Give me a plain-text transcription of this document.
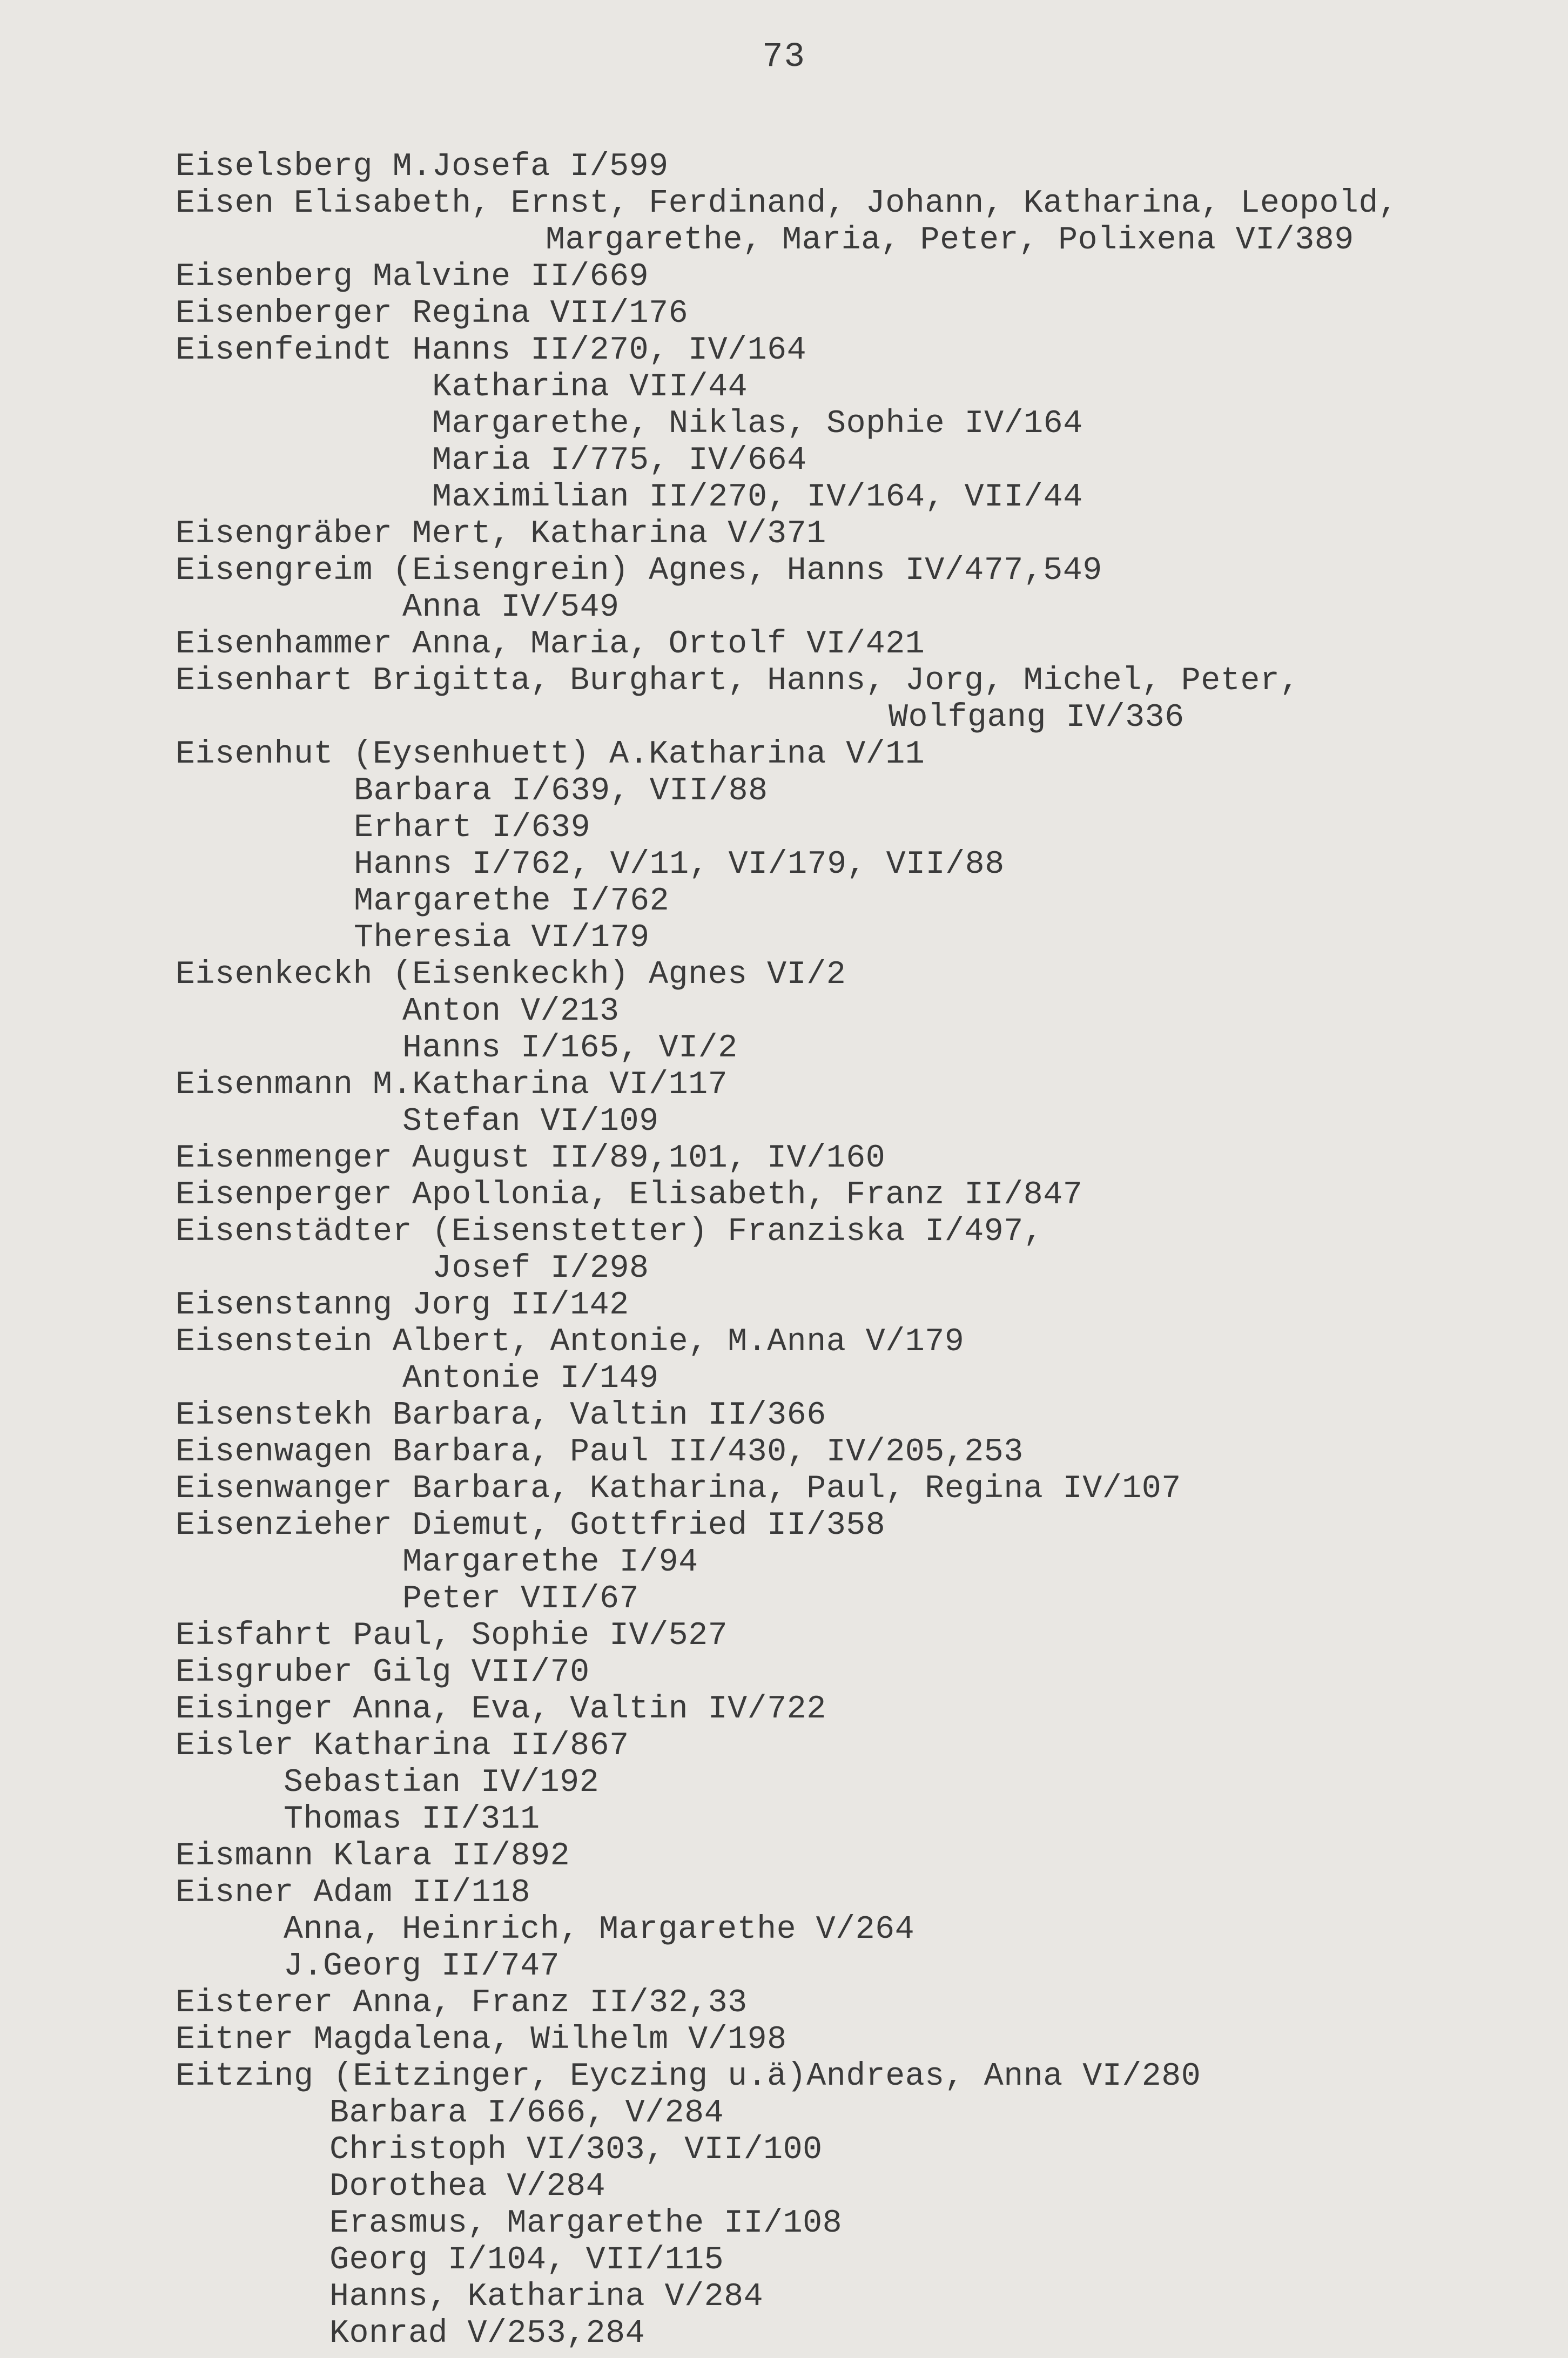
73
Eiselsberg M.Josefa I/599
Eisen Elisabeth, Ernst, Ferdinand, Johann, Katharina, Leopold,
Margarethe, Maria, Peter, Polixena VI/389
Eisenberg Malvine II/669
Eisenberger Regina VII/176
Eisenfeindt Hanns II/270, IV/164
Katharina VII/44
Margarethe, Niklas, Sophie IV/164
Maria I/775, IV/664
Maximilian II/270, IV/164, VII/44
Eisengräber Mert, Katharina V/371
Eisengreim (Eisengrein) Agnes, Hanns IV/477,549
Anna IV/549
Eisenhammer Anna, Maria, Ortolf VI/421
Eisenhart Brigitta, Burghart, Hanns, Jorg, Michel, Peter,
Wolfgang IV/336
Eisenhut (Eysenhuett) A.Katharina V/11
Barbara I/639, VII/88
Erhart I/639
Hanns I/762, V/11, VI/179, VII/88
Margarethe I/762
Theresia VI/179
Eisenkeckh (Eisenkeckh) Agnes VI/2
Anton V/213
Hanns I/165, VI/2
Eisenmann M.Katharina VI/117
Stefan VI/109
Eisenmenger August II/89,101, IV/160
Eisenperger Apollonia, Elisabeth, Franz II/847
Eisenstädter (Eisenstetter) Franziska I/497,
Josef I/298
Eisenstanng Jorg II/142
Eisenstein Albert, Antonie, M.Anna V/179
Antonie I/149
Eisenstekh Barbara, Valtin II/366
Eisenwagen Barbara, Paul II/430, IV/205,253
Eisenwanger Barbara, Katharina, Paul, Regina IV/107
Eisenzieher Diemut, Gottfried II/358
Margarethe I/94
Peter VII/67
Eisfahrt Paul, Sophie IV/527
Eisgruber Gilg VII/70
Eisinger Anna, Eva, Valtin IV/722
Eisler Katharina II/867
Sebastian IV/192
Thomas II/311
Eismann Klara II/892
Eisner Adam II/118
Anna, Heinrich, Margarethe V/264
J.Georg II/747
Eisterer Anna, Franz II/32,33
Eitner Magdalena, Wilhelm V/198
Eitzing (Eitzinger, Eyczing u.ä)Andreas, Anna VI/280
Barbara I/666, V/284
Christoph VI/303, VII/100
Dorothea V/284
Erasmus, Margarethe II/108
Georg I/104, VII/115
Hanns, Katharina V/284
Konrad V/253,284
